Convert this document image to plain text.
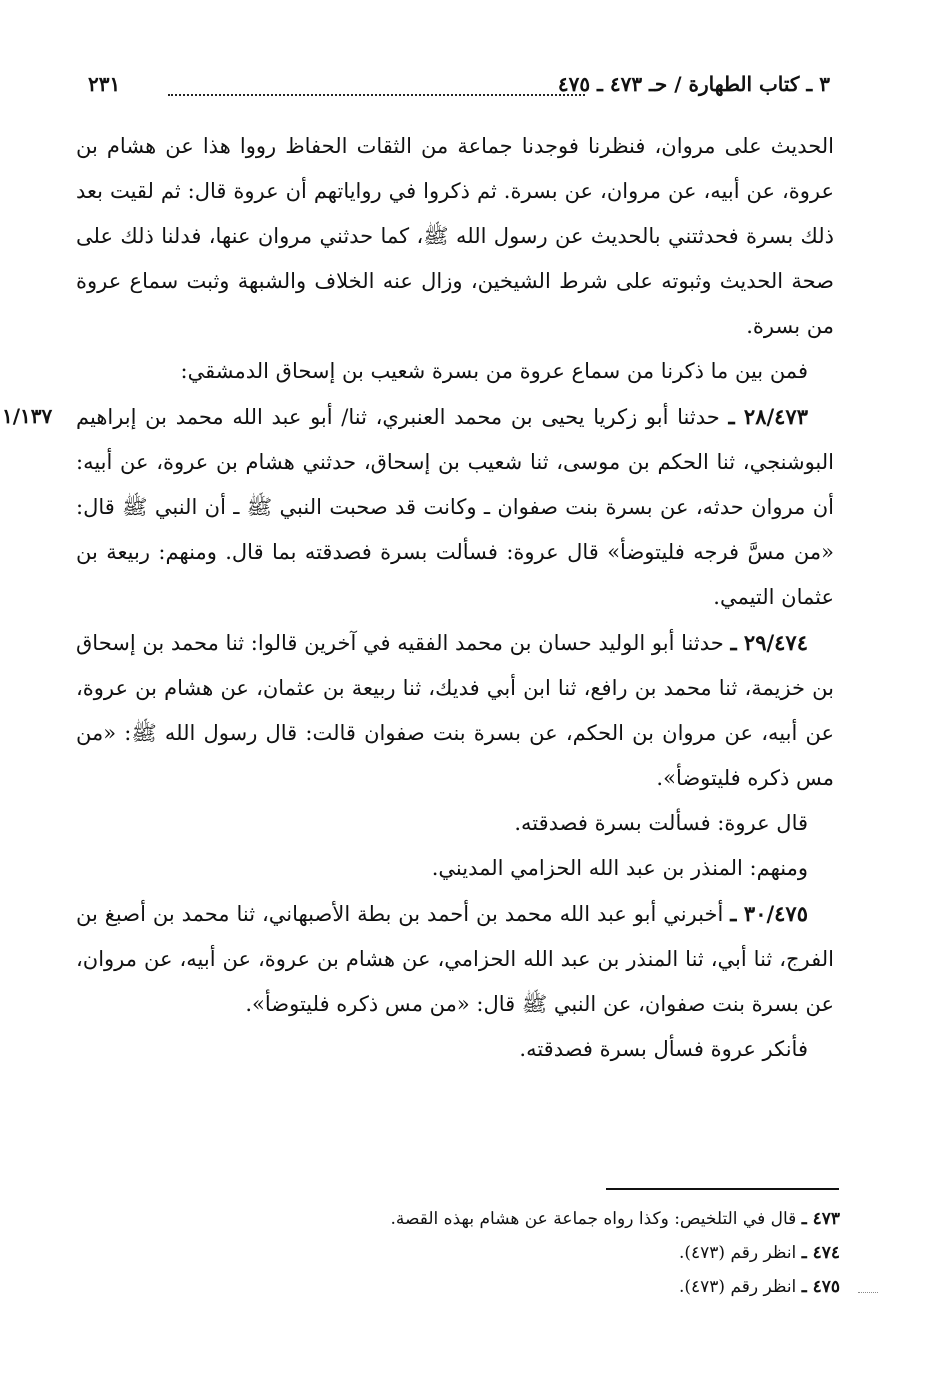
٣ ـ كتاب الطهارة / حـ ٤٧٣ ـ ٤٧٥
٢٣١
١/١٣٧

الحديث على مروان، فنظرنا فوجدنا جماعة من الثقات الحفاظ رووا هذا عن هشام بن عروة، عن أبيه، عن مروان، عن بسرة. ثم ذكروا في رواياتهم أن عروة قال: ثم لقيت بعد ذلك بسرة فحدثتني بالحديث عن رسول الله ﷺ، كما حدثني مروان عنها، فدلنا ذلك على صحة الحديث وثبوته على شرط الشيخين، وزال عنه الخلاف والشبهة وثبت سماع عروة من بسرة.

فمن بين ما ذكرنا من سماع عروة من بسرة شعيب بن إسحاق الدمشقي:

٢٨/٤٧٣ ـ حدثنا أبو زكريا يحيى بن محمد العنبري، ثنا/ أبو عبد الله محمد بن إبراهيم البوشنجي، ثنا الحكم بن موسى، ثنا شعيب بن إسحاق، حدثني هشام بن عروة، عن أبيه: أن مروان حدثه، عن بسرة بنت صفوان ـ وكانت قد صحبت النبي ﷺ ـ أن النبي ﷺ قال: «من مسَّ فرجه فليتوضأ» قال عروة: فسألت بسرة فصدقته بما قال. ومنهم: ربيعة بن عثمان التيمي.

٢٩/٤٧٤ ـ حدثنا أبو الوليد حسان بن محمد الفقيه في آخرين قالوا: ثنا محمد بن إسحاق بن خزيمة، ثنا محمد بن رافع، ثنا ابن أبي فديك، ثنا ربيعة بن عثمان، عن هشام بن عروة، عن أبيه، عن مروان بن الحكم، عن بسرة بنت صفوان قالت: قال رسول الله ﷺ: «من مس ذكره فليتوضأ».

قال عروة: فسألت بسرة فصدقته.

ومنهم: المنذر بن عبد الله الحزامي المديني.

٣٠/٤٧٥ ـ أخبرني أبو عبد الله محمد بن أحمد بن بطة الأصبهاني، ثنا محمد بن أصبغ بن الفرج، ثنا أبي، ثنا المنذر بن عبد الله الحزامي، عن هشام بن عروة، عن أبيه، عن مروان، عن بسرة بنت صفوان، عن النبي ﷺ قال: «من مس ذكره فليتوضأ».

فأنكر عروة فسأل بسرة فصدقته.

٤٧٣ ـ قال في التلخيص: وكذا رواه جماعة عن هشام بهذه القصة.
٤٧٤ ـ انظر رقم (٤٧٣).
٤٧٥ ـ انظر رقم (٤٧٣).
